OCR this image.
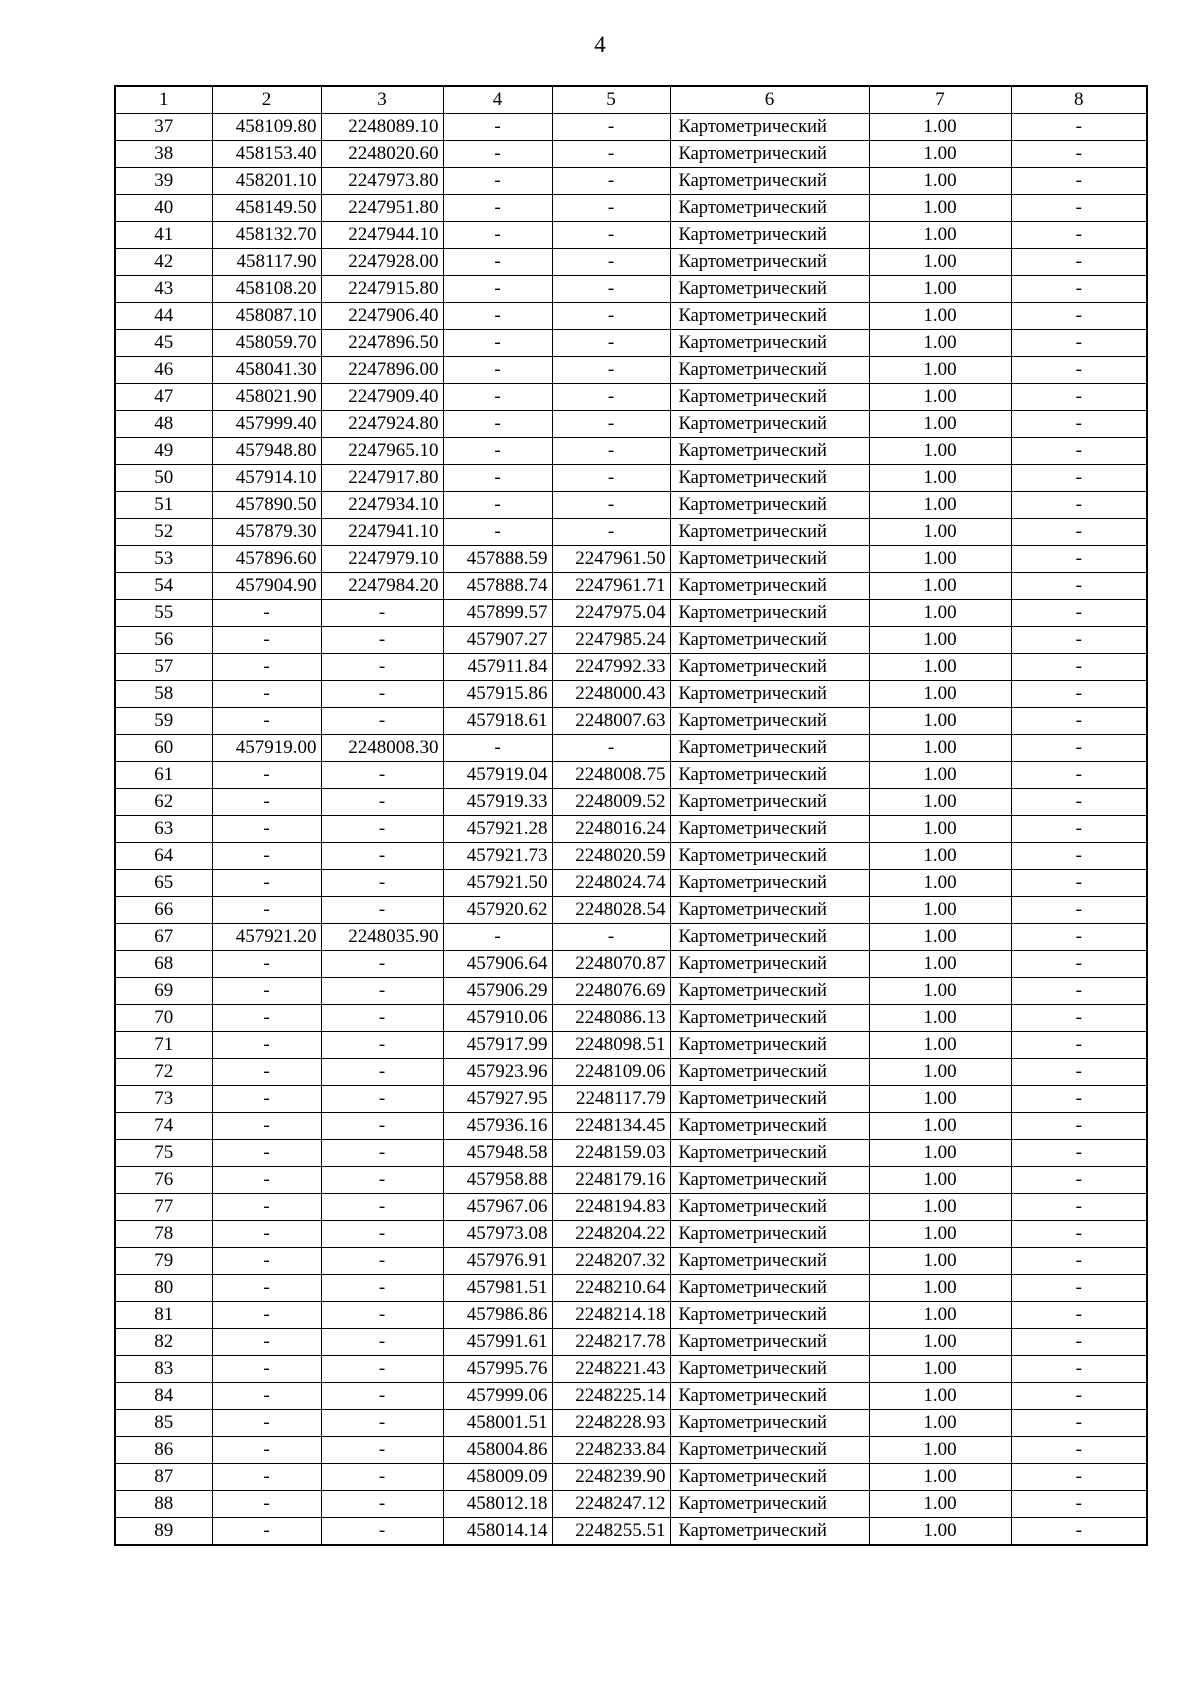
4
1	2	3	4	5	6	7	8
37	458109.80	2248089.10	-	-	Картометрический	1.00	-
38	458153.40	2248020.60	-	-	Картометрический	1.00	-
39	458201.10	2247973.80	-	-	Картометрический	1.00	-
40	458149.50	2247951.80	-	-	Картометрический	1.00	-
41	458132.70	2247944.10	-	-	Картометрический	1.00	-
42	458117.90	2247928.00	-	-	Картометрический	1.00	-
43	458108.20	2247915.80	-	-	Картометрический	1.00	-
44	458087.10	2247906.40	-	-	Картометрический	1.00	-
45	458059.70	2247896.50	-	-	Картометрический	1.00	-
46	458041.30	2247896.00	-	-	Картометрический	1.00	-
47	458021.90	2247909.40	-	-	Картометрический	1.00	-
48	457999.40	2247924.80	-	-	Картометрический	1.00	-
49	457948.80	2247965.10	-	-	Картометрический	1.00	-
50	457914.10	2247917.80	-	-	Картометрический	1.00	-
51	457890.50	2247934.10	-	-	Картометрический	1.00	-
52	457879.30	2247941.10	-	-	Картометрический	1.00	-
53	457896.60	2247979.10	457888.59	2247961.50	Картометрический	1.00	-
54	457904.90	2247984.20	457888.74	2247961.71	Картометрический	1.00	-
55	-	-	457899.57	2247975.04	Картометрический	1.00	-
56	-	-	457907.27	2247985.24	Картометрический	1.00	-
57	-	-	457911.84	2247992.33	Картометрический	1.00	-
58	-	-	457915.86	2248000.43	Картометрический	1.00	-
59	-	-	457918.61	2248007.63	Картометрический	1.00	-
60	457919.00	2248008.30	-	-	Картометрический	1.00	-
61	-	-	457919.04	2248008.75	Картометрический	1.00	-
62	-	-	457919.33	2248009.52	Картометрический	1.00	-
63	-	-	457921.28	2248016.24	Картометрический	1.00	-
64	-	-	457921.73	2248020.59	Картометрический	1.00	-
65	-	-	457921.50	2248024.74	Картометрический	1.00	-
66	-	-	457920.62	2248028.54	Картометрический	1.00	-
67	457921.20	2248035.90	-	-	Картометрический	1.00	-
68	-	-	457906.64	2248070.87	Картометрический	1.00	-
69	-	-	457906.29	2248076.69	Картометрический	1.00	-
70	-	-	457910.06	2248086.13	Картометрический	1.00	-
71	-	-	457917.99	2248098.51	Картометрический	1.00	-
72	-	-	457923.96	2248109.06	Картометрический	1.00	-
73	-	-	457927.95	2248117.79	Картометрический	1.00	-
74	-	-	457936.16	2248134.45	Картометрический	1.00	-
75	-	-	457948.58	2248159.03	Картометрический	1.00	-
76	-	-	457958.88	2248179.16	Картометрический	1.00	-
77	-	-	457967.06	2248194.83	Картометрический	1.00	-
78	-	-	457973.08	2248204.22	Картометрический	1.00	-
79	-	-	457976.91	2248207.32	Картометрический	1.00	-
80	-	-	457981.51	2248210.64	Картометрический	1.00	-
81	-	-	457986.86	2248214.18	Картометрический	1.00	-
82	-	-	457991.61	2248217.78	Картометрический	1.00	-
83	-	-	457995.76	2248221.43	Картометрический	1.00	-
84	-	-	457999.06	2248225.14	Картометрический	1.00	-
85	-	-	458001.51	2248228.93	Картометрический	1.00	-
86	-	-	458004.86	2248233.84	Картометрический	1.00	-
87	-	-	458009.09	2248239.90	Картометрический	1.00	-
88	-	-	458012.18	2248247.12	Картометрический	1.00	-
89	-	-	458014.14	2248255.51	Картометрический	1.00	-
